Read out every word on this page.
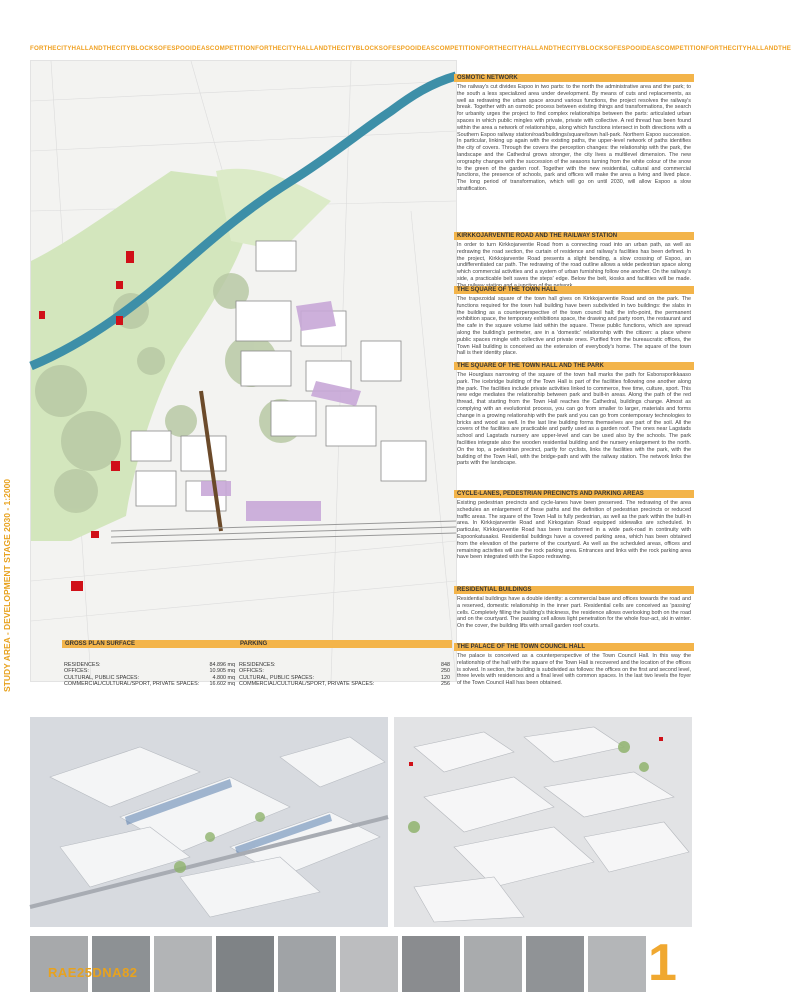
FORTHECITYHALLANDTHECITYBLOCKSOFESPOOIDEASCOMPETITIONFORTHECITYHALLANDTHECITYBLOCKSOFESPOOIDEASCOMPETITIONFORTHECITYHALLANDTHECITYBLOCKSOFESPOOIDEASCOMPETITIONFORTHECITYHALLANDTHE
STUDY AREA - DEVELOPMENT STAGE 2030 - 1:2000
OSMOTIC NETWORK
The railway's cut divides Espoo in two parts: to the north the administrative area and the park; to the south a less specialized area under development. By means of cuts and replacements, as well as redrawing the urban space around various functions, the project resolves the railway's break. Together with an osmotic process between existing things and transformations, the search for urbanity urges the project to find complex relationships between the parts: articulated urban spaces in which public mingles with private, private with collective. A red thread has been found within the area a network of relationships, along which functions intersect in both directions with a Southern Espoo railway station/road/buildings/square/town hall-park. Northern Espoo succession. In particular, linking up again with the existing paths, the upper-level network of paths identifies the city of covers. Through the covers the perception changes: the relationship with the park, the landscape and the Cathedral grows stronger, the city lives a multilevel dimension. The new orography changes with the succession of the seasons turning from the white colour of the snow to the green of the garden roof. Together with the new residential, cultural and commercial functions, the presence of schools, park and offices will make the area a living and lived place. The long period of transformation, which will go on until 2030, will allow Espoo a slow stratification.
KIRKKOJARVENTIE ROAD AND THE RAILWAY STATION
In order to turn Kirkkojarventie Road from a connecting road into an urban path, as well as redrawing the road section, the curtain of residence and railway's facilities has been defined. In the project, Kirkkojarventie Road presents a slight bending, a slow crossing of Espoo, an undifferentiated car path. The redrawing of the road outline allows a wide pedestrian space along which commercial activities and a system of urban furnishing follow one another. On the railway's side, a practicable belt saves the steps' edge. Below the belt, kiosks and facilities will be made.
THE SQUARE OF THE TOWN HALL
The trapezoidal square of the town hall gives on Kirkkojarventie Road and on the park. The functions required for the town hall building have been subdivided in two buildings: the slabs in the building as a counterperspective of the town council hall; the info-point, the permanent exhibition space, the temporary exhibitions space, the drawing and party room, the restaurant and the cafe in the square volume laid within the square. These public functions, which are spread along the building's perimeter, are in a 'domestic' relationship with the citizen: a place where public spaces mingle with collective and private ones. Purified from the bureaucratic offices, the Town Hall building is conceived as the extension of everybody's home. The square of the town hall is their identity place.
THE SQUARE OF THE TOWN HALL AND THE PARK
The Hourglass narrowing of the square of the town hall marks the path for Esbonsporikkaaso park. The icebridge building of the Town Hall is part of the facilities following one another along the park. The facilities include private activities linked to commerce, free time, culture, sport. This new edge mediates the relationship between park and built-in areas. Along the path of the red thread, that starting from the Town Hall reaches the Cathedral, buildings change. Almost as complying with an evolutionist process, you can go from smaller to larger, materials and forms change in a growing relationship with the park and you can go from contemporary technologies to bricks and wood as well. In the last line building forms themselves are part of the soil. All the covers of the facilities are practicable and partly used as a garden roof. The ones near Lagstads school and Lagstads nursery are upper-level and can be used also by the schools. The park facilities integrate also the wooden residential building and the nursery enlargement to the north. On the top, a pedestrian precinct, partly for cyclists, links the facilities with the park, with the building of the Town Hall, with the bridge-path and with the railway station. The network links the parts with the landscape.
CYCLE-LANES, PEDESTRIAN PRECINCTS AND PARKING AREAS
Existing pedestrian precincts and cycle-lanes have been preserved. The redrawing of the area schedules an enlargement of these paths and the definition of pedestrian precincts or reduced traffic areas. The square of the Town Hall is fully pedestrian, as well as the park within the built-in area. In Kirkkojarventie Road and Kirkogatan Road equipped sidewalks are scheduled. In particular, Kirkkojarventie Road has been transformed in a wide park-road in continuity with Espoonkatuaaksi. Residential buildings have a covered parking area, which has been obtained from the elevation of the parterre of the courtyard. As well as the scheduled areas, offices and remaining activities will use the rock parking area. Entrances and links with the rock parking area have been integrated with the Espoo redrawing.
RESIDENTIAL BUILDINGS
Residential buildings have a double identity: a commercial base and offices towards the road and a reserved, domestic relationship in the inner part. Residential cells are conceived as 'passing' cells. Completely filling the building's thickness, the residence allows overlooking both on the road and on the courtyard. The passing cell allows light penetration for the whole four-act, ski in winter. On the cover, the building lifts with small garden roof courts.
THE PALACE OF THE TOWN COUNCIL HALL
The palace is conceived as a counterperspective of the Town Council Hall. In this way the relationship of the hall with the square of the Town Hall is recovered and the location of the offices is solved. In section, the building is subdivided as follows: the offices on the first and second level, three levels with residences and a final level with common spaces. In the last two levels the foyer of the Town Council Hall has been obtained.
GROSS PLAN SURFACE
RESIDENCES:	84.896 mq
OFFICES:	10.905 mq
CULTURAL, PUBLIC SPACES:	4.800 mq
COMMERCIAL/CULTURAL/SPORT, PRIVATE SPACES: 16.602 mq
PARKING
RESIDENCES:	848
OFFICES:	250
CULTURAL, PUBLIC SPACES:	120
COMMERCIAL/CULTURAL/SPORT, PRIVATE SPACES:	256
RAE25DNA82	1
